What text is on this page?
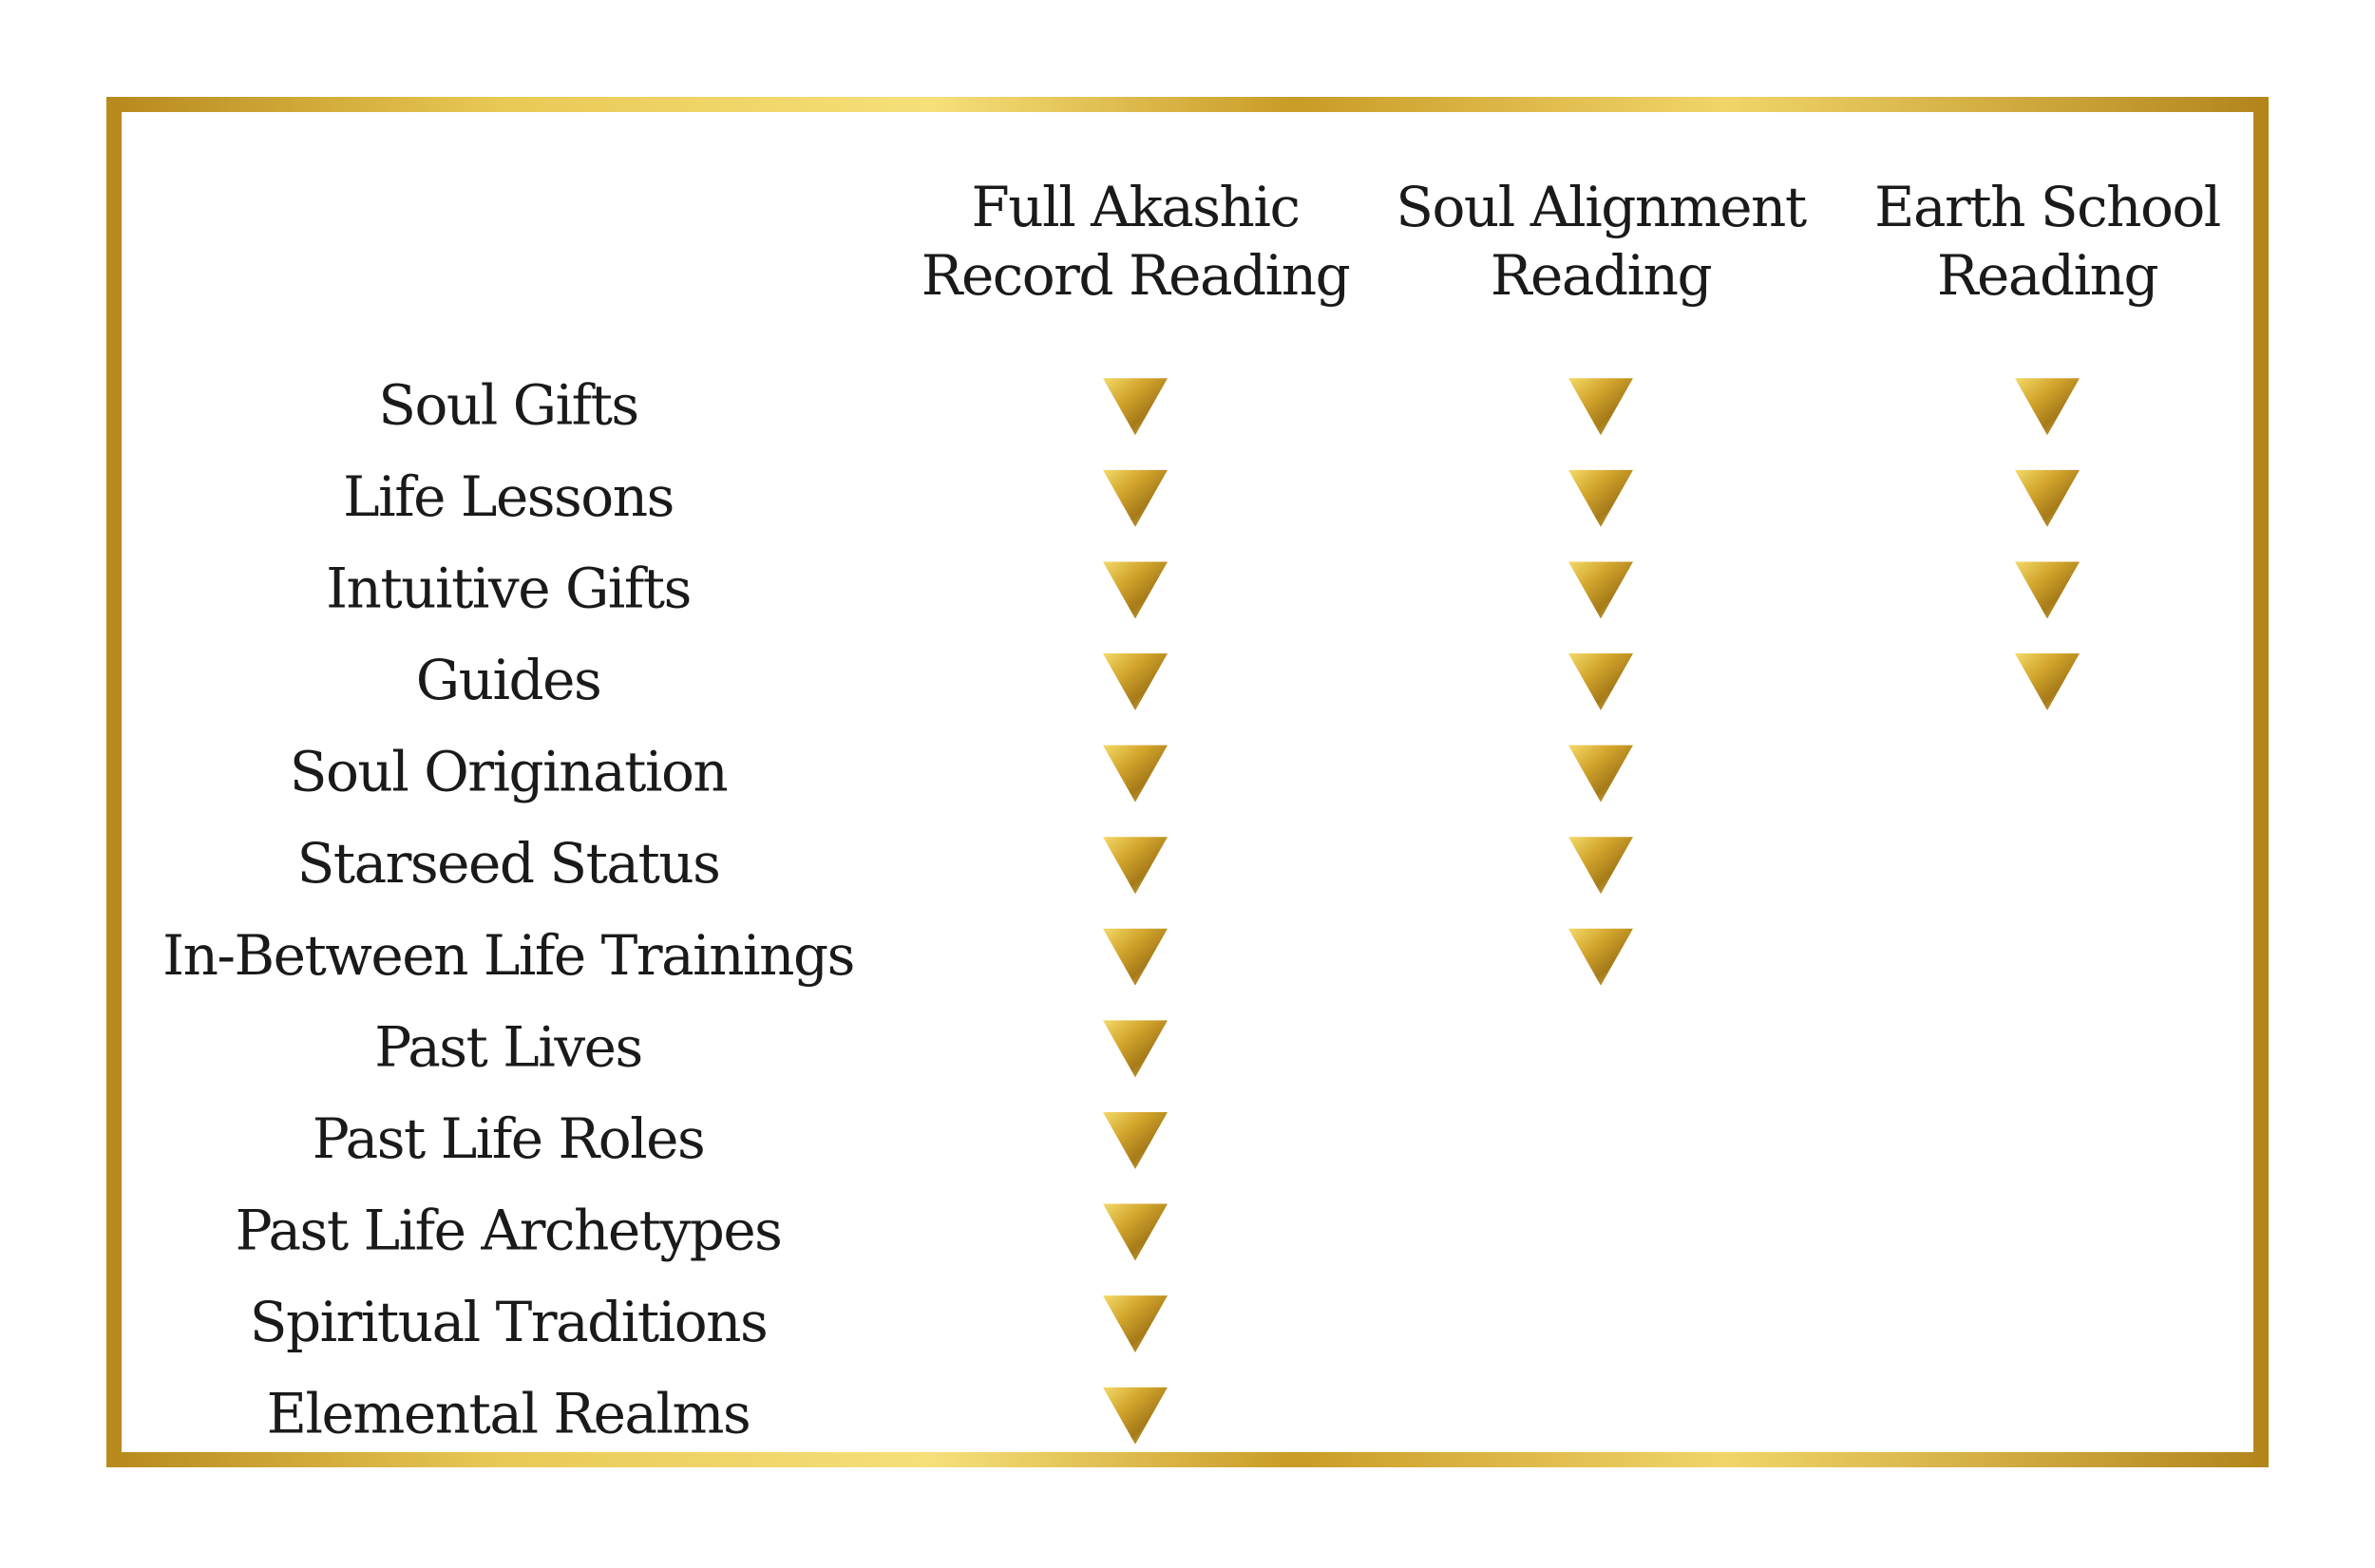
Full Akashic Record Reading
Soul Alignment Reading
Earth School Reading
Soul Gifts
Life Lessons
Intuitive Gifts
Guides
Soul Origination
Starseed Status
In-Between Life Trainings
Past Lives
Past Life Roles
Past Life Archetypes
Spiritual Traditions
Elemental Realms
